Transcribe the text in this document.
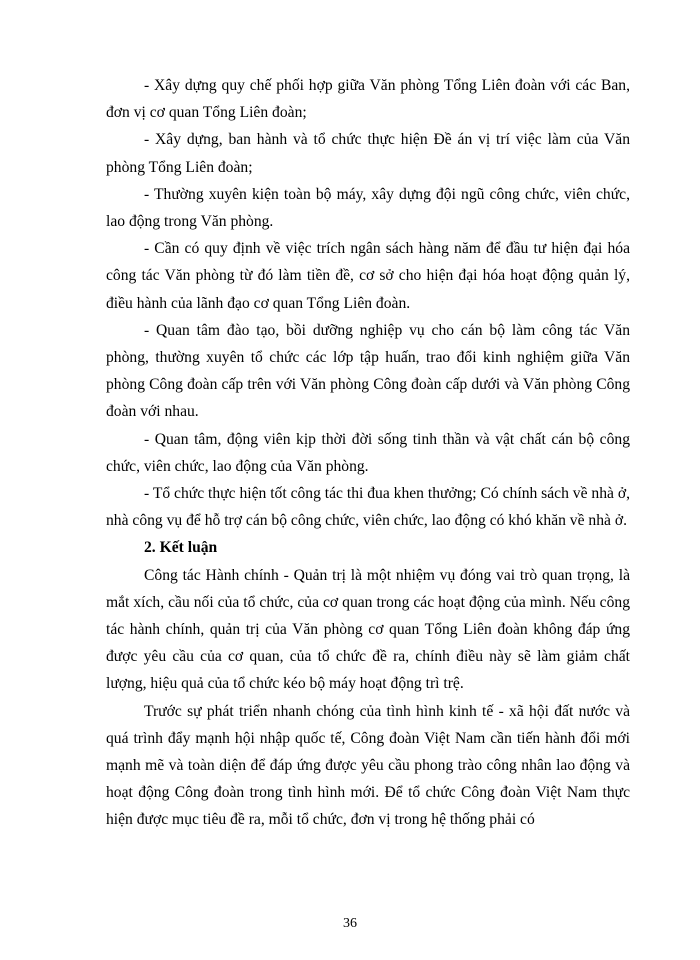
- Xây dựng quy chế phối hợp giữa Văn phòng Tổng Liên đoàn với các Ban, đơn vị cơ quan Tổng Liên đoàn;

- Xây dựng, ban hành và tổ chức thực hiện Đề án vị trí việc làm của Văn phòng Tổng Liên đoàn;

- Thường xuyên kiện toàn bộ máy, xây dựng đội ngũ công chức, viên chức, lao động trong Văn phòng.

- Cần có quy định về việc trích ngân sách hàng năm để đầu tư hiện đại hóa công tác Văn phòng từ đó làm tiền đề, cơ sở cho hiện đại hóa hoạt động quản lý, điều hành của lãnh đạo cơ quan Tổng Liên đoàn.

- Quan tâm đào tạo, bồi dưỡng nghiệp vụ cho cán bộ làm công tác Văn phòng, thường xuyên tổ chức các lớp tập huấn, trao đổi kinh nghiệm giữa Văn phòng Công đoàn cấp trên với Văn phòng Công đoàn cấp dưới và Văn phòng Công đoàn với nhau.

- Quan tâm, động viên kịp thời đời sống tinh thần và vật chất cán bộ công chức, viên chức, lao động của Văn phòng.

- Tổ chức thực hiện tốt công tác thi đua khen thưởng; Có chính sách về nhà ở, nhà công vụ để hỗ trợ cán bộ công chức, viên chức, lao động có khó khăn về nhà ở.

2. Kết luận

Công tác Hành chính - Quản trị là một nhiệm vụ đóng vai trò quan trọng, là mắt xích, cầu nối của tổ chức, của cơ quan trong các hoạt động của mình. Nếu công tác hành chính, quản trị của Văn phòng cơ quan Tổng Liên đoàn không đáp ứng được yêu cầu của cơ quan, của tổ chức đề ra, chính điều này sẽ làm giảm chất lượng, hiệu quả của tổ chức kéo bộ máy hoạt động trì trệ.

Trước sự phát triển nhanh chóng của tình hình kinh tế - xã hội đất nước và quá trình đẩy mạnh hội nhập quốc tế, Công đoàn Việt Nam cần tiến hành đổi mới mạnh mẽ và toàn diện để đáp ứng được yêu cầu phong trào công nhân lao động và hoạt động Công đoàn trong tình hình mới. Để tổ chức Công đoàn Việt Nam thực hiện được mục tiêu đề ra, mỗi tổ chức, đơn vị trong hệ thống phải có

36
